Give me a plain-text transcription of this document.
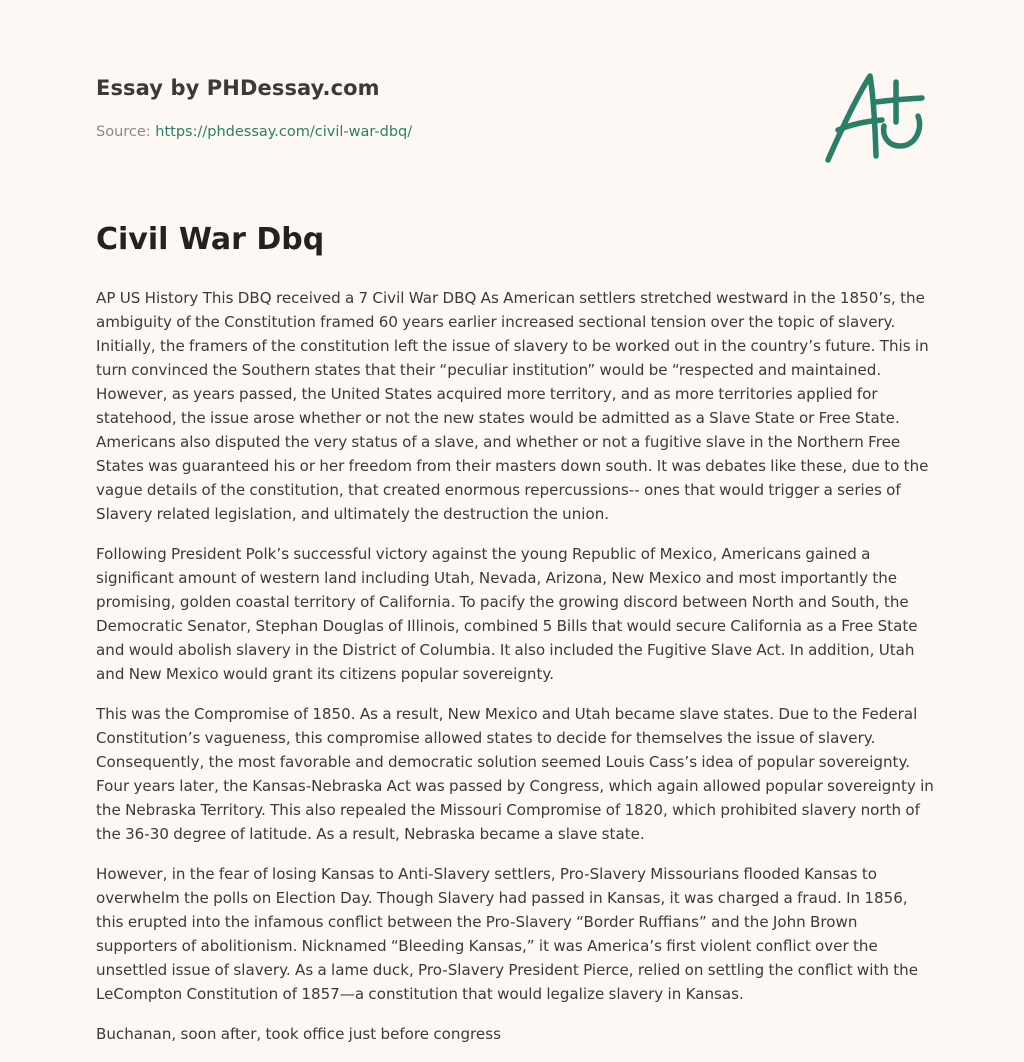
Essay by PHDessay.com
Source: https://phdessay.com/civil-war-dbq/
Civil War Dbq

AP US History This DBQ received a 7 Civil War DBQ As American settlers stretched westward in the 1850’s, the ambiguity of the Constitution framed 60 years earlier increased sectional tension over the topic of slavery. Initially, the framers of the constitution left the issue of slavery to be worked out in the country’s future. This in turn convinced the Southern states that their “peculiar institution” would be “respected and maintained. However, as years passed, the United States acquired more territory, and as more territories applied for statehood, the issue arose whether or not the new states would be admitted as a Slave State or Free State. Americans also disputed the very status of a slave, and whether or not a fugitive slave in the Northern Free States was guaranteed his or her freedom from their masters down south. It was debates like these, due to the vague details of the constitution, that created enormous repercussions-- ones that would trigger a series of Slavery related legislation, and ultimately the destruction the union.

Following President Polk’s successful victory against the young Republic of Mexico, Americans gained a significant amount of western land including Utah, Nevada, Arizona, New Mexico and most importantly the promising, golden coastal territory of California. To pacify the growing discord between North and South, the Democratic Senator, Stephan Douglas of Illinois, combined 5 Bills that would secure California as a Free State and would abolish slavery in the District of Columbia. It also included the Fugitive Slave Act. In addition, Utah and New Mexico would grant its citizens popular sovereignty.

This was the Compromise of 1850. As a result, New Mexico and Utah became slave states. Due to the Federal Constitution’s vagueness, this compromise allowed states to decide for themselves the issue of slavery. Consequently, the most favorable and democratic solution seemed Louis Cass’s idea of popular sovereignty. Four years later, the Kansas-Nebraska Act was passed by Congress, which again allowed popular sovereignty in the Nebraska Territory. This also repealed the Missouri Compromise of 1820, which prohibited slavery north of the 36-30 degree of latitude. As a result, Nebraska became a slave state.

However, in the fear of losing Kansas to Anti-Slavery settlers, Pro-Slavery Missourians flooded Kansas to overwhelm the polls on Election Day. Though Slavery had passed in Kansas, it was charged a fraud. In 1856, this erupted into the infamous conflict between the Pro-Slavery “Border Ruffians” and the John Brown supporters of abolitionism. Nicknamed “Bleeding Kansas,” it was America’s first violent conflict over the unsettled issue of slavery. As a lame duck, Pro-Slavery President Pierce, relied on settling the conflict with the LeCompton Constitution of 1857—a constitution that would legalize slavery in Kansas.

Buchanan, soon after, took office just before congress
